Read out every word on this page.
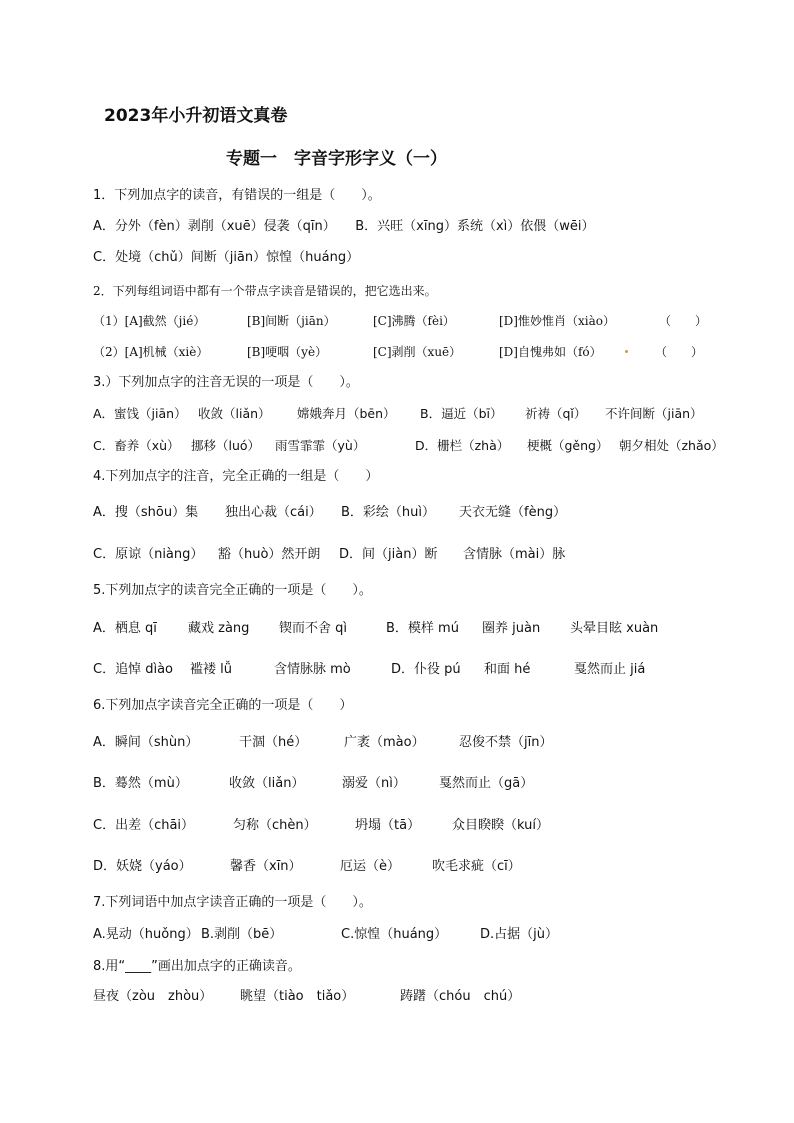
2023年小升初语文真卷
专题一　字音字形字义（一）
1．下列加点字的读音，有错误的一组是（　　）。
A．分外（fèn）剥削（xuē）侵袭（qīn）　　B．兴旺（xīng）系统（xì）依偎（wēi）
C．处境（chǔ）间断（jiān）惊惶（huáng）
2．下列每组词语中都有一个带点字读音是错误的，把它选出来。
（1）[A]截然（jié）	[B]间断（jiān）	[C]沸腾（fèi）	[D]惟妙惟肖（xiào）	（　　）
（2）[A]机械（xiè）	[B]哽咽（yè）	[C]剥削（xuē）	[D]自愧弗如（fó）	（　　）
3.）下列加点字的注音无误的一项是（　　）。
A．蜜饯（jiān） 收敛（liǎn） 嫦娥奔月（bēn） B．逼近（bī） 祈祷（qǐ） 不许间断（jiān）
C．畜养（xù） 挪移（luó） 雨雪霏霏（yù）	D．栅栏（zhà） 梗概（gěng） 朝夕相处（zhǎo）
4.下列加点字的注音，完全正确的一组是（　　）
A．搜（shōu）集 独出心裁（cái） B．彩绘（huì） 天衣无缝（fèng）
C．原谅（niàng） 豁（huò）然开朗 D．间（jiàn）断 含情脉（mài）脉
5.下列加点字的读音完全正确的一项是（　　）。
A．栖息 qī 藏戏 zàng 锲而不舍 qì	B．模样 mú 圈养 juàn 头晕目眩 xuàn
C．追悼 dìào 褴褛 lǚ	含情脉脉 mò	D．仆役 pú 和面 hé	戛然而止 jiá
6.下列加点字读音完全正确的一项是（　　）
A．瞬间（shùn）	干涸（hé）	广袤（mào）	忍俊不禁（jīn）
B．蓦然（mù）	收敛（liǎn）	溺爱（nì）	戛然而止（gā）
C．出差（chāi）	匀称（chèn）	坍塌（tā） 众目睽睽（kuí）
D．妖娆（yáo）	馨香（xīn）	厄运（è） 吹毛求疵（cī）
7.下列词语中加点字读音正确的一项是（　　）。
A.晃动（huǒng） B.剥削（bē）	C.惊惶（huáng）	D.占据（jù）
8.用“____”画出加点字的正确读音。
昼夜（zòu　zhòu） 眺望（tiào　tiǎo）	踌躇（chóu　chú）
